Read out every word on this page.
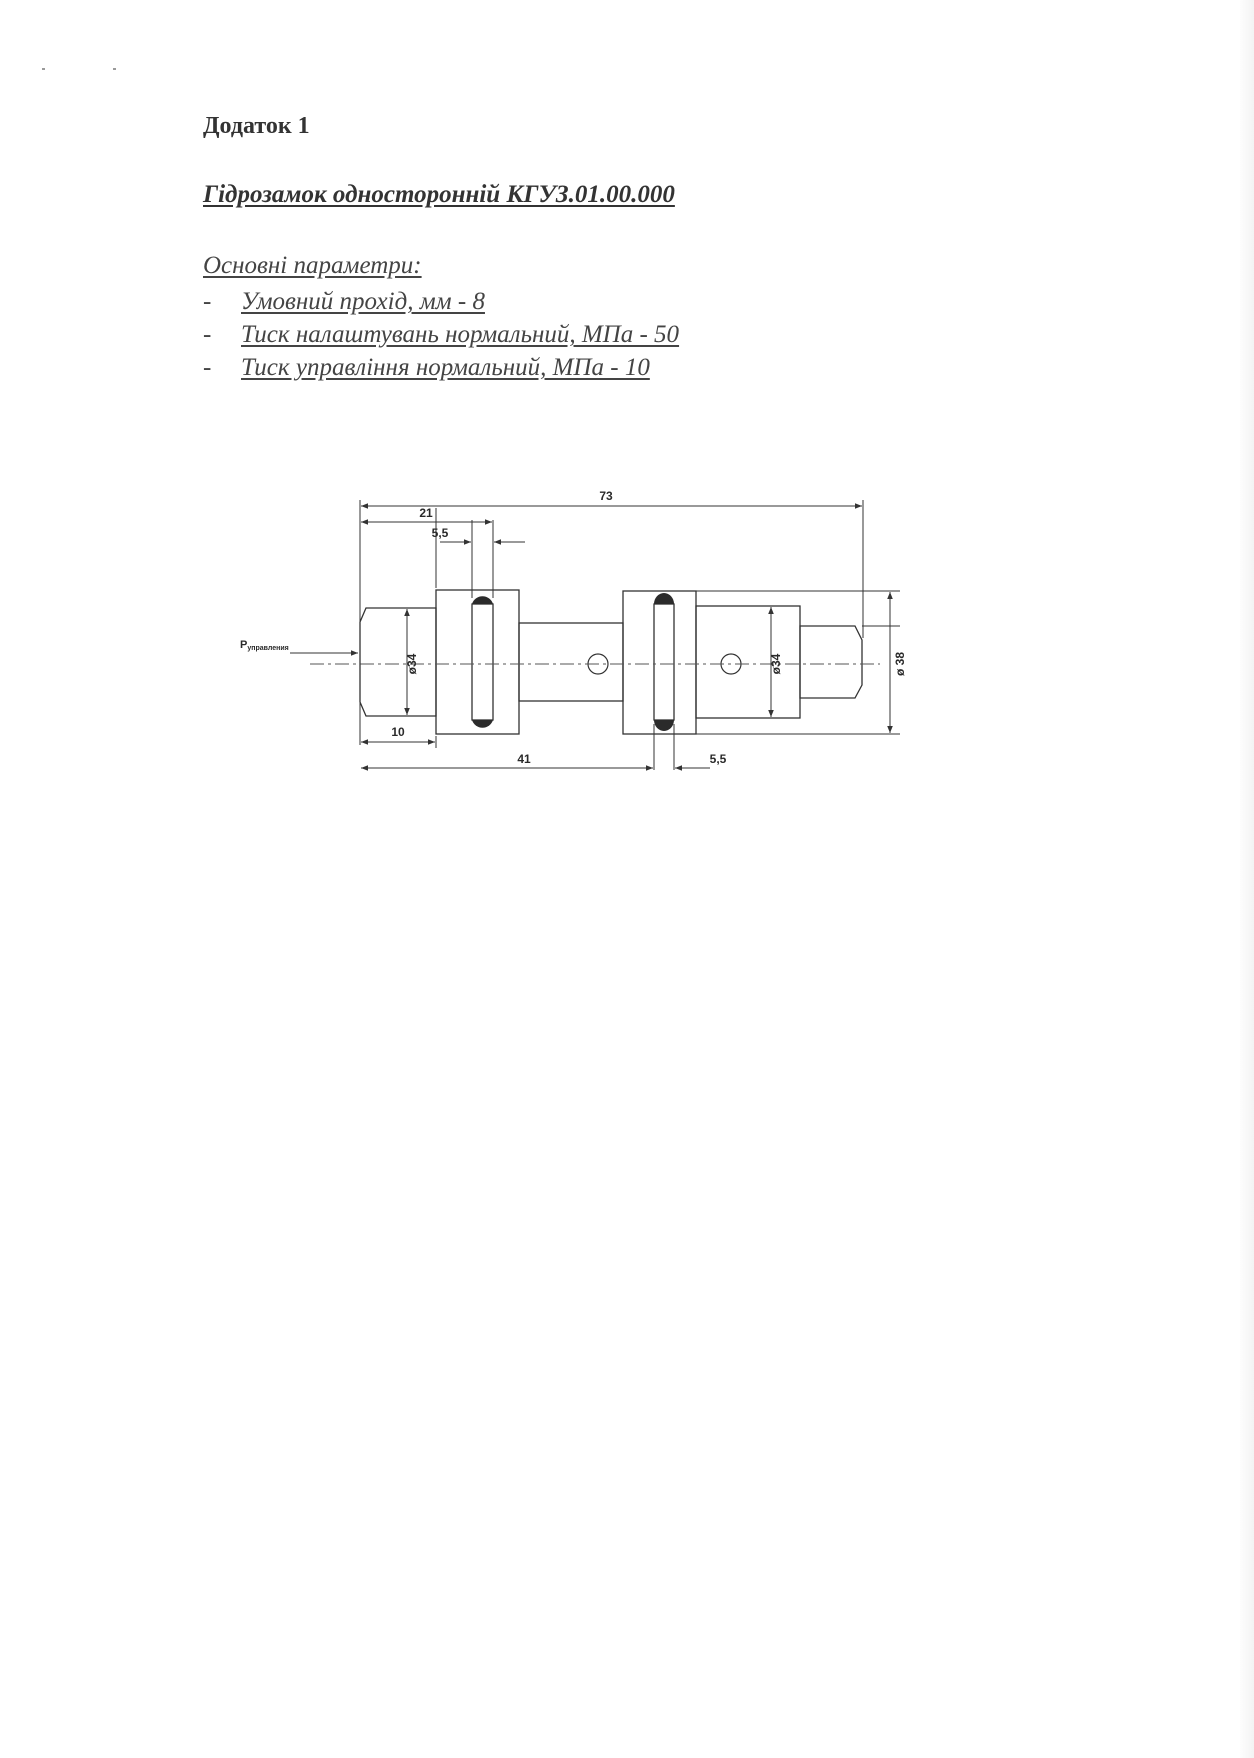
Додаток 1
Гідрозамок односторонній КГУЗ.01.00.000

Основні параметри:

- Умовний прохід, мм - 8
- Тиск налаштувань нормальний, МПа - 50
- Тиск управління нормальний, МПа - 10
Pуправления
73
21
5,5
10
41	5,5
ø34	ø34	ø 38
